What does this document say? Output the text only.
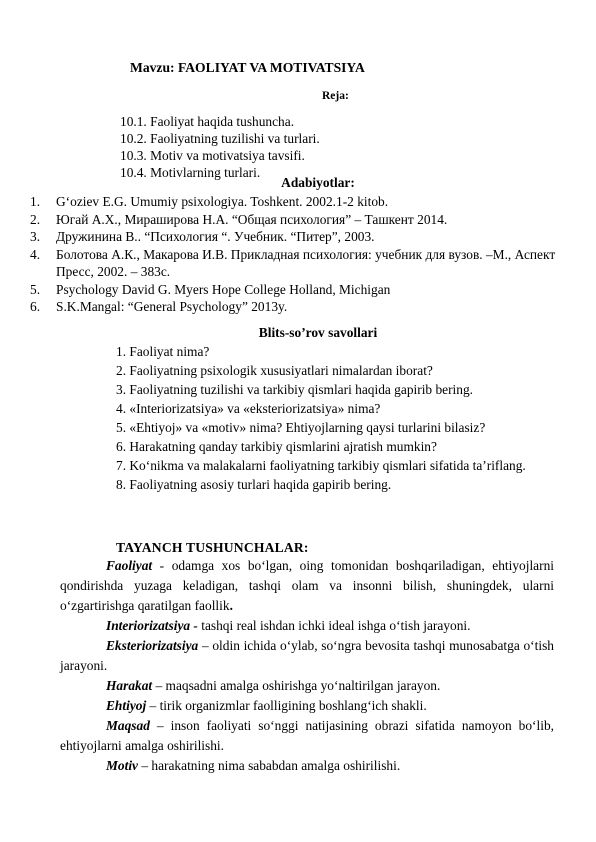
Mavzu: FAOLIYAT VA MOTIVATSIYA
Reja:
10.1. Faoliyat haqida tushuncha.
10.2. Faoliyatning tuzilishi va turlari.
10.3. Motiv va motivatsiya tavsifi.
10.4. Motivlarning turlari.
Adabiyotlar:
1.	G‘oziev E.G. Umumiy psixologiya. Toshkent. 2002.1-2 kitob.
2.	Югай А.Х., Мираширова Н.А. “Общая психология” – Ташкент 2014.
3.	Дружинина В.. “Психология “. Учебник. “Питер”, 2003.
4.	Болотова А.К., Макарова И.В. Прикладная психология: учебник для вузов. –М., Аспект Пресс, 2002. – 383с.
5.	Psychology David G. Myers Hope College Holland, Michigan
6.	S.K.Mangal: “General Psychology” 2013y.
Blits-so’rov savollari
1. Faoliyat nima?
2. Faoliyatning psixologik xususiyatlari nimalardan iborat?
3. Faoliyatning tuzilishi va tarkibiy qismlari haqida gapirib bering.
4. «Interiorizatsiya» va «eksteriorizatsiya» nima?
5. «Ehtiyoj» va «motiv» nima? Ehtiyojlarning qaysi turlarini bilasiz?
6. Harakatning qanday tarkibiy qismlarini ajratish mumkin?
7. Ko‘nikma va malakalarni faoliyatning tarkibiy qismlari sifatida ta’riflang.
8. Faoliyatning asosiy turlari haqida gapirib bering.
TAYANCH TUSHUNCHALAR:

Faoliyat - odamga xos bo‘lgan, oing tomonidan boshqariladigan, ehtiyojlarni qondirishda yuzaga keladigan, tashqi olam va insonni bilish, shuningdek, ularni o‘zgartirishga qaratilgan faollik.

Interiorizatsiya - tashqi real ishdan ichki ideal ishga o‘tish jarayoni.

Eksteriorizatsiya – oldin ichida o‘ylab, so‘ngra bevosita tashqi munosabatga o‘tish jarayoni.

Harakat – maqsadni amalga oshirishga yo‘naltirilgan jarayon.

Ehtiyoj – tirik organizmlar faolligining boshlang‘ich shakli.

Maqsad – inson faoliyati so‘nggi natijasining obrazi sifatida namoyon bo‘lib, ehtiyojlarni amalga oshirilishi.

Motiv – harakatning nima sababdan amalga oshirilishi.
